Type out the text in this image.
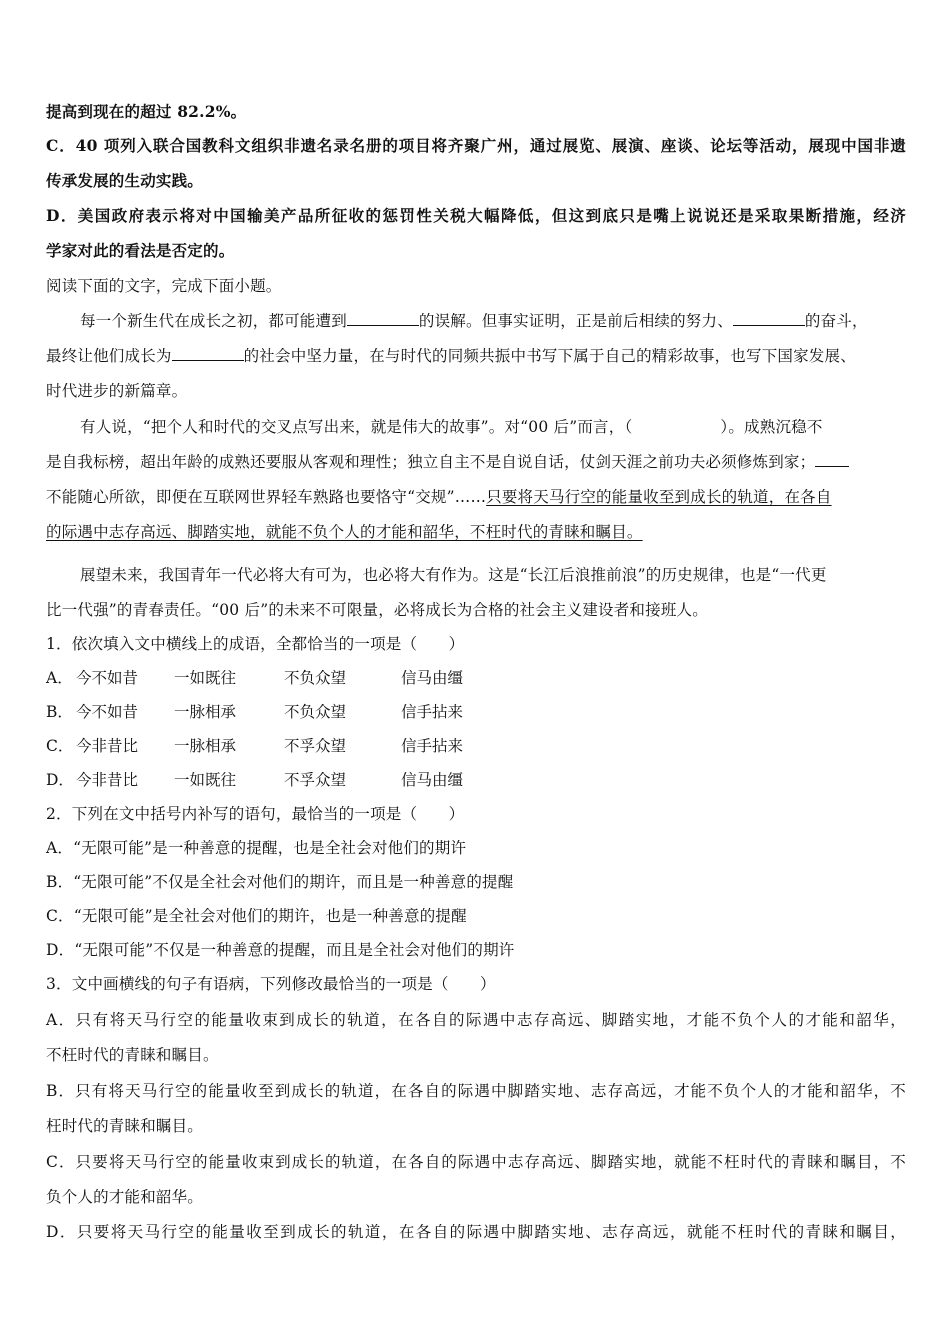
提高到现在的超过 82.2%。
C．40 项列入联合国教科文组织非遗名录名册的项目将齐聚广州，通过展览、展演、座谈、论坛等活动，展现中国非遗
传承发展的生动实践。
D．美国政府表示将对中国输美产品所征收的惩罚性关税大幅降低，但这到底只是嘴上说说还是采取果断措施，经济
学家对此的看法是否定的。
阅读下面的文字，完成下面小题。
每一个新生代在成长之初，都可能遭到	的误解。但事实证明，正是前后相续的努力、	的奋斗，
最终让他们成长为	的社会中坚力量，在与时代的同频共振中书写下属于自己的精彩故事，也写下国家发展、
时代进步的新篇章。
有人说，“把个人和时代的交叉点写出来，就是伟大的故事”。对“00 后”而言，（	）。成熟沉稳不
是自我标榜，超出年龄的成熟还要服从客观和理性；独立自主不是自说自话，仗剑天涯之前功夫必须修炼到家；
不能随心所欲，即便在互联网世界轻车熟路也要恪守“交规”……只要将天马行空的能量收至到成长的轨道，在各自
的际遇中志存高远、脚踏实地，就能不负个人的才能和韶华，不枉时代的青睐和瞩目。
展望未来，我国青年一代必将大有可为，也必将大有作为。这是“长江后浪推前浪”的历史规律，也是“一代更
比一代强”的青春责任。“00 后”的未来不可限量，必将成长为合格的社会主义建设者和接班人。
1．依次填入文中横线上的成语，全都恰当的一项是（　　）
A． 今不如昔 一如既往	不负众望	信马由缰
B． 今不如昔 一脉相承	不负众望	信手拈来
C． 今非昔比 一脉相承	不孚众望	信手拈来
D． 今非昔比 一如既往	不孚众望	信马由缰
2．下列在文中括号内补写的语句，最恰当的一项是（　　）
A．“无限可能”是一种善意的提醒，也是全社会对他们的期许
B．“无限可能”不仅是全社会对他们的期许，而且是一种善意的提醒
C．“无限可能”是全社会对他们的期许，也是一种善意的提醒
D．“无限可能”不仅是一种善意的提醒，而且是全社会对他们的期许
3．文中画横线的句子有语病，下列修改最恰当的一项是（　　）
A．只有将天马行空的能量收束到成长的轨道，在各自的际遇中志存高远、脚踏实地，才能不负个人的才能和韶华，
不枉时代的青睐和瞩目。
B．只有将天马行空的能量收至到成长的轨道，在各自的际遇中脚踏实地、志存高远，才能不负个人的才能和韶华，不
枉时代的青睐和瞩目。
C．只要将天马行空的能量收束到成长的轨道，在各自的际遇中志存高远、脚踏实地，就能不枉时代的青睐和瞩目，不
负个人的才能和韶华。
D．只要将天马行空的能量收至到成长的轨道，在各自的际遇中脚踏实地、志存高远，就能不枉时代的青睐和瞩目，
